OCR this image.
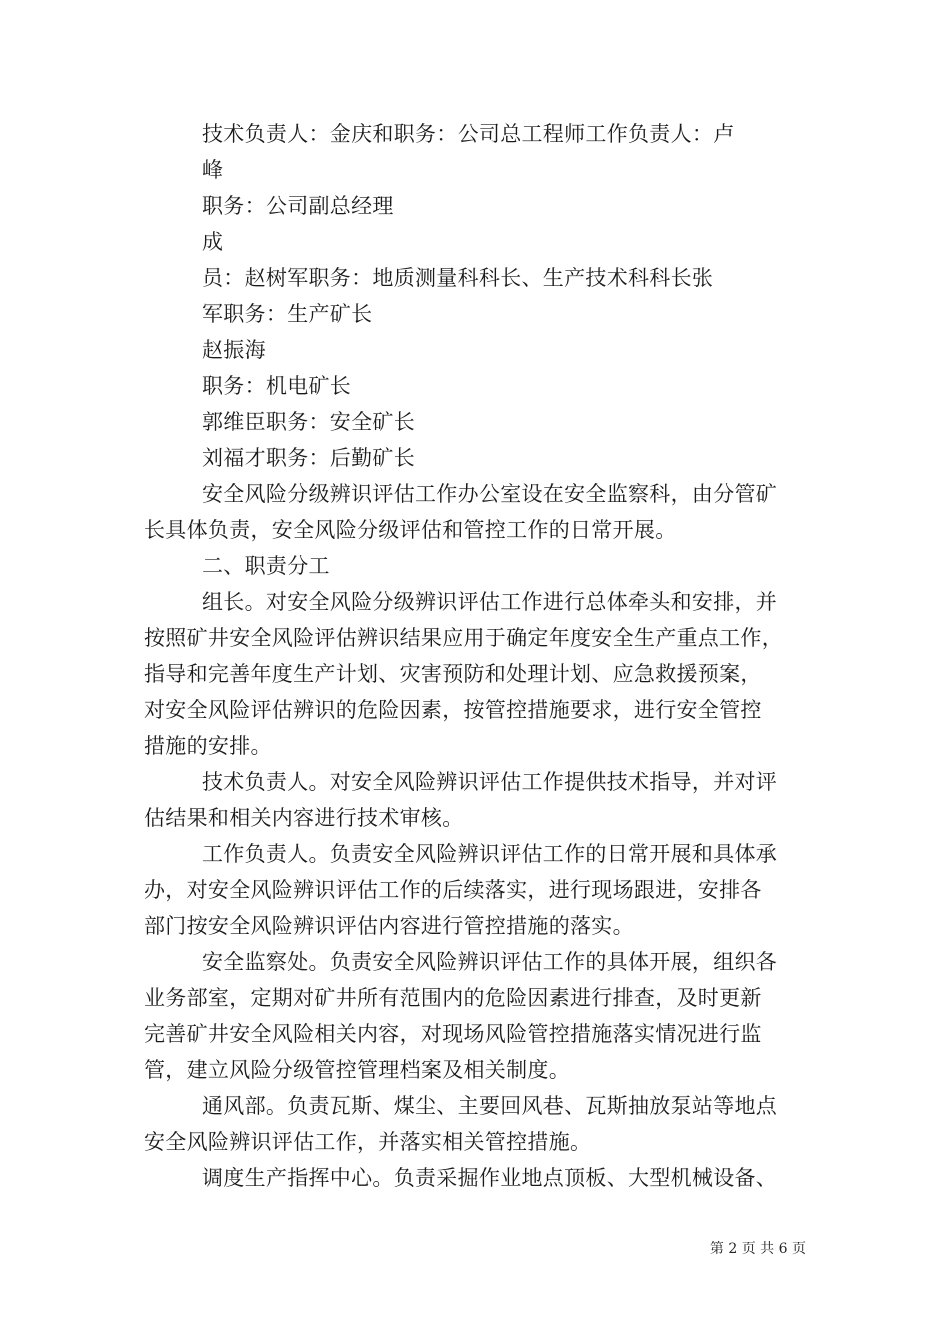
技术负责人：金庆和职务：公司总工程师工作负责人：卢
峰
职务：公司副总经理
成
员：赵树军职务：地质测量科科长、生产技术科科长张
军职务：生产矿长
赵振海
职务：机电矿长
郭维臣职务：安全矿长
刘福才职务：后勤矿长
安全风险分级辨识评估工作办公室设在安全监察科，由分管矿
长具体负责，安全风险分级评估和管控工作的日常开展。
二、职责分工
组长。对安全风险分级辨识评估工作进行总体牵头和安排，并
按照矿井安全风险评估辨识结果应用于确定年度安全生产重点工作，
指导和完善年度生产计划、灾害预防和处理计划、应急救援预案，
对安全风险评估辨识的危险因素，按管控措施要求，进行安全管控
措施的安排。
技术负责人。对安全风险辨识评估工作提供技术指导，并对评
估结果和相关内容进行技术审核。
工作负责人。负责安全风险辨识评估工作的日常开展和具体承
办，对安全风险辨识评估工作的后续落实，进行现场跟进，安排各
部门按安全风险辨识评估内容进行管控措施的落实。
安全监察处。负责安全风险辨识评估工作的具体开展，组织各
业务部室，定期对矿井所有范围内的危险因素进行排查，及时更新
完善矿井安全风险相关内容，对现场风险管控措施落实情况进行监
管，建立风险分级管控管理档案及相关制度。
通风部。负责瓦斯、煤尘、主要回风巷、瓦斯抽放泵站等地点
安全风险辨识评估工作，并落实相关管控措施。
调度生产指挥中心。负责采掘作业地点顶板、大型机械设备、
第 2 页 共 6 页
